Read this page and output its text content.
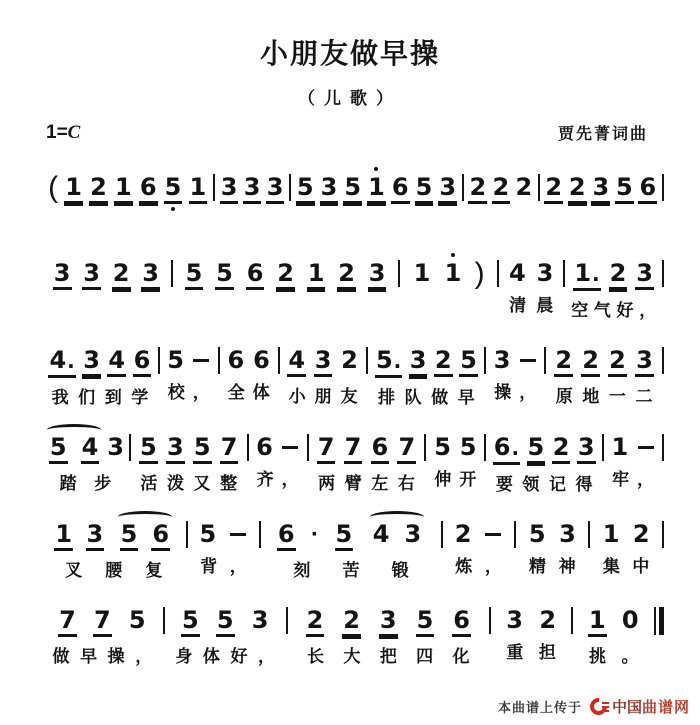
小朋友做早操
（儿歌）
1=C	贾先菁词曲
( 1 2 1 6 5 1 3 3 3 5 3 5 1 6 5 3 2 2 2 2 2 3 5 6
3 3 2 3 5 5 6 2 1 2 3 1 1 ) 4 3
清 晨
1. 2 3
空 气 好 ，
4. 3 4 6
我 们 到 学
5
校 ，
6 6
全 体
4 3 2
小 朋 友
5. 3 2 5
排 队 做 早
3
操 ，
2 2 2 3
原 地 一 二
5 4 3
踏 步
5 3 5 7
活 泼 又 整
6
齐 ，
7 7 6 7
两 臂 左 右
5 5
伸 开
6. 5 2 3
要 领 记 得
1
牢 ，
1 3 5 6
叉 腰 复
5
背 ，
6 · 5 4 3
刻 苦 锻
2
炼 ，
5 3
精 神
1 2
集 中
7 7 5
做 早 操 ，
5 5 3
身 体 好 ，
2 2 3 5 6
长 大 把 四 化
3 2
重 担
1 0
挑 。
本曲谱上传于 中国 曲谱网
